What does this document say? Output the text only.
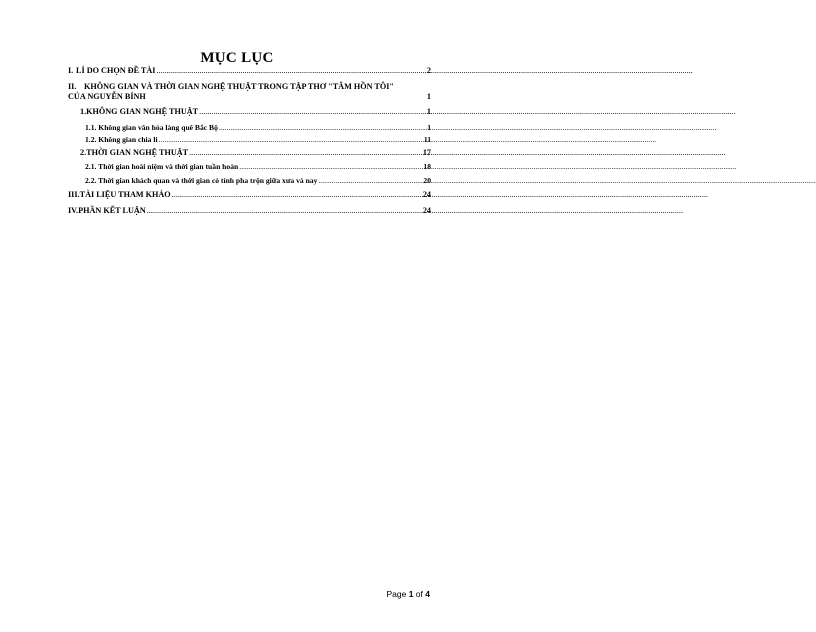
MỤC LỤC
I. LÍ DO CHỌN ĐỀ TÀI .....	2
II. KHÔNG GIAN VÀ THỜI GIAN NGHỆ THUẬT TRONG TẬP THƠ "TÂM HỒN TÔI"
CỦA NGUYỄN BÍNH	1
1. KHÔNG GIAN NGHỆ THUẬT .....	1
1.1. Không gian văn hóa làng quê Bắc Bộ .....	1
1.2. Không gian chia li .....	11
2. THỜI GIAN NGHỆ THUẬT .....	17
2.1. Thời gian hoài niệm và thời gian tuần hoàn .....	18
2.2. Thời gian khách quan và thời gian có tính pha trộn giữa xưa và nay .....	20
III. TÀI LIỆU THAM KHẢO .....	24
IV. PHẦN KẾT LUẬN .....	24
Page 1 of 4
